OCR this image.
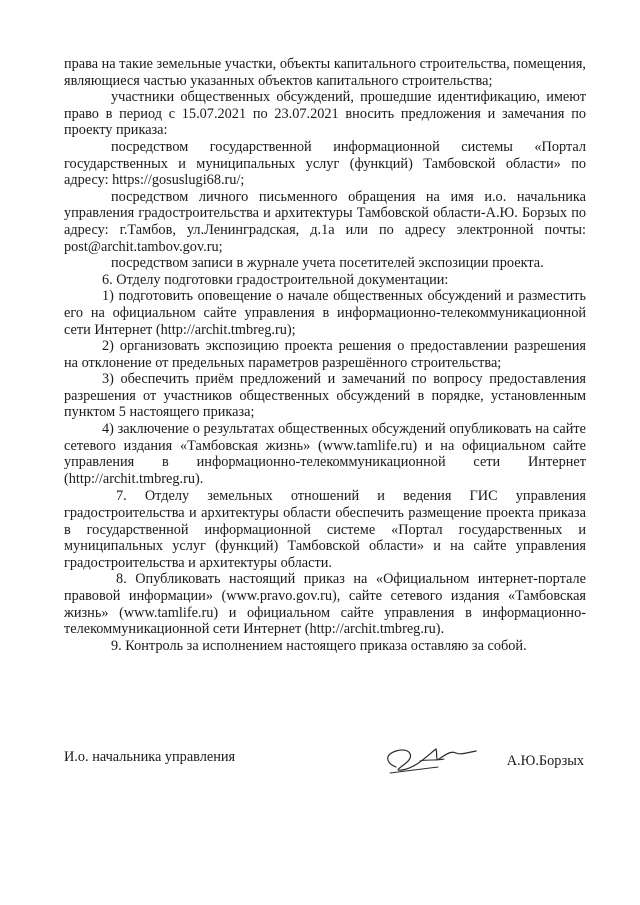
права на такие земельные участки, объекты капитального строительства, помещения, являющиеся частью указанных объектов капитального строительства;

участники общественных обсуждений, прошедшие идентификацию, имеют право в период с 15.07.2021 по 23.07.2021 вносить предложения и замечания по проекту приказа:

посредством государственной информационной системы «Портал государственных и муниципальных услуг (функций) Тамбовской области» по адресу: https://gosuslugi68.ru/;

посредством личного письменного обращения на имя и.о. начальника управления градостроительства и архитектуры Тамбовской области-А.Ю. Борзых по адресу: г.Тамбов, ул.Ленинградская, д.1а или по адресу электронной почты: post@archit.tambov.gov.ru;

посредством записи в журнале учета посетителей экспозиции проекта.

6. Отделу подготовки градостроительной документации:

1) подготовить оповещение о начале общественных обсуждений и разместить его на официальном сайте управления в информационно-телекоммуникационной сети Интернет (http://archit.tmbreg.ru);

2) организовать экспозицию проекта решения о предоставлении разрешения на отклонение от предельных параметров разрешённого строительства;

3) обеспечить приём предложений и замечаний по вопросу предоставления разрешения от участников общественных обсуждений в порядке, установленным пунктом 5 настоящего приказа;

4) заключение о результатах общественных обсуждений опубликовать на сайте сетевого издания «Тамбовская жизнь» (www.tamlife.ru) и на официальном сайте управления в информационно-телекоммуникационной сети Интернет (http://archit.tmbreg.ru).

7. Отделу земельных отношений и ведения ГИС управления градостроительства и архитектуры области обеспечить размещение проекта приказа в государственной информационной системе «Портал государственных и муниципальных услуг (функций) Тамбовской области» и на сайте управления градостроительства и архитектуры области.

8. Опубликовать настоящий приказ на «Официальном интернет-портале правовой информации» (www.pravo.gov.ru), сайте сетевого издания «Тамбовская жизнь» (www.tamlife.ru) и официальном сайте управления в информационно-телекоммуникационной сети Интернет (http://archit.tmbreg.ru).

9. Контроль за исполнением настоящего приказа оставляю за собой.

И.о. начальника управления	А.Ю.Борзых
